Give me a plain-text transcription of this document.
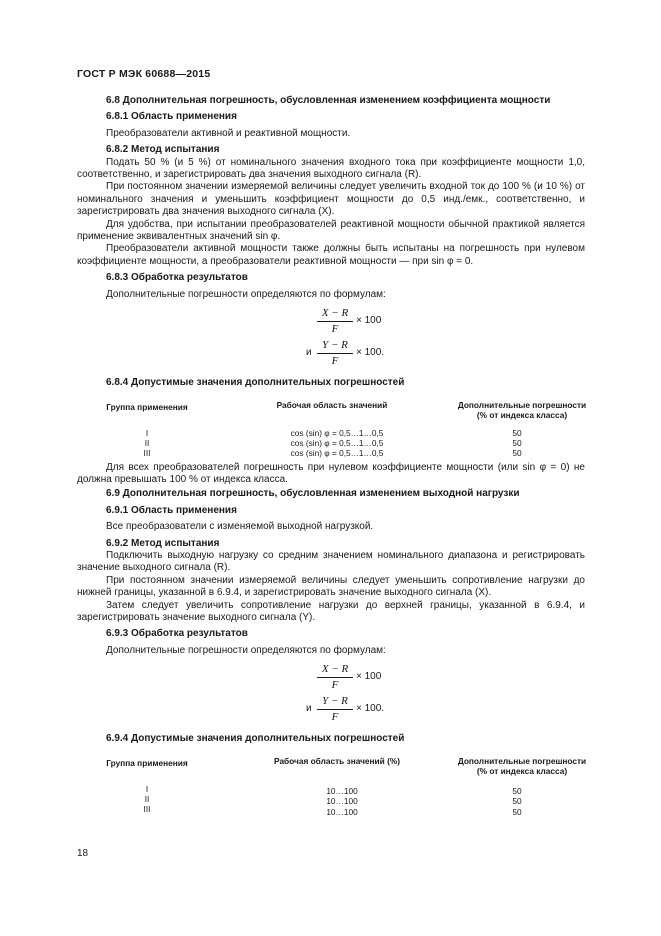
ГОСТ Р МЭК 60688—2015
6.8 Дополнительная погрешность, обусловленная изменением коэффициента мощности
6.8.1 Область применения

Преобразователи активной и реактивной мощности.

6.8.2 Метод испытания

Подать 50 % (и 5 %) от номинального значения входного тока при коэффициенте мощности 1,0, соответственно, и зарегистрировать два значения выходного сигнала (R).

При постоянном значении измеряемой величины следует увеличить входной ток до 100 % (и 10 %) от номинального значения и уменьшить коэффициент мощности до 0,5 инд./емк., соответственно, и зарегистрировать два значения выходного сигнала (X).

Для удобства, при испытании преобразователей реактивной мощности обычной практикой является применение эквивалентных значений sin φ.

Преобразователи активной мощности также должны быть испытаны на погрешность при нулевом коэффициенте мощности, а преобразователи реактивной мощности — при sin φ = 0.

6.8.3 Обработка результатов

Дополнительные погрешности определяются по формулам:

X − R
F
× 100
и
Y − R
F
× 100.
6.8.4 Допустимые значения дополнительных погрешностей
Группа применения	Рабочая область значений	Дополнительные погрешности
(% от индекса класса)
I	cos (sin) φ = 0,5…1…0,5	50
II	cos (sin) φ = 0,5…1…0,5	50
III	cos (sin) φ = 0,5…1…0,5	50

Для всех преобразователей погрешность при нулевом коэффициенте мощности (или sin φ = 0) не должна превышать 100 % от индекса класса.

6.9 Дополнительная погрешность, обусловленная изменением выходной нагрузки
6.9.1 Область применения

Все преобразователи с изменяемой выходной нагрузкой.

6.9.2 Метод испытания

Подключить выходную нагрузку со средним значением номинального диапазона и регистрировать значение выходного сигнала (R).

При постоянном значении измеряемой величины следует уменьшить сопротивление нагрузки до нижней границы, указанной в 6.9.4, и зарегистрировать значение выходного сигнала (X).

Затем следует увеличить сопротивление нагрузки до верхней границы, указанной в 6.9.4, и зарегистрировать значение выходного сигнала (Y).

6.9.3 Обработка результатов

Дополнительные погрешности определяются по формулам:

X − R
F
× 100
и
Y − R
F
× 100.
6.9.4 Допустимые значения дополнительных погрешностей
Группа применения	Рабочая область значений (%)	Дополнительные погрешности
(% от индекса класса)
I	10…100	50
II	10…100	50
III	10…100	50
18
